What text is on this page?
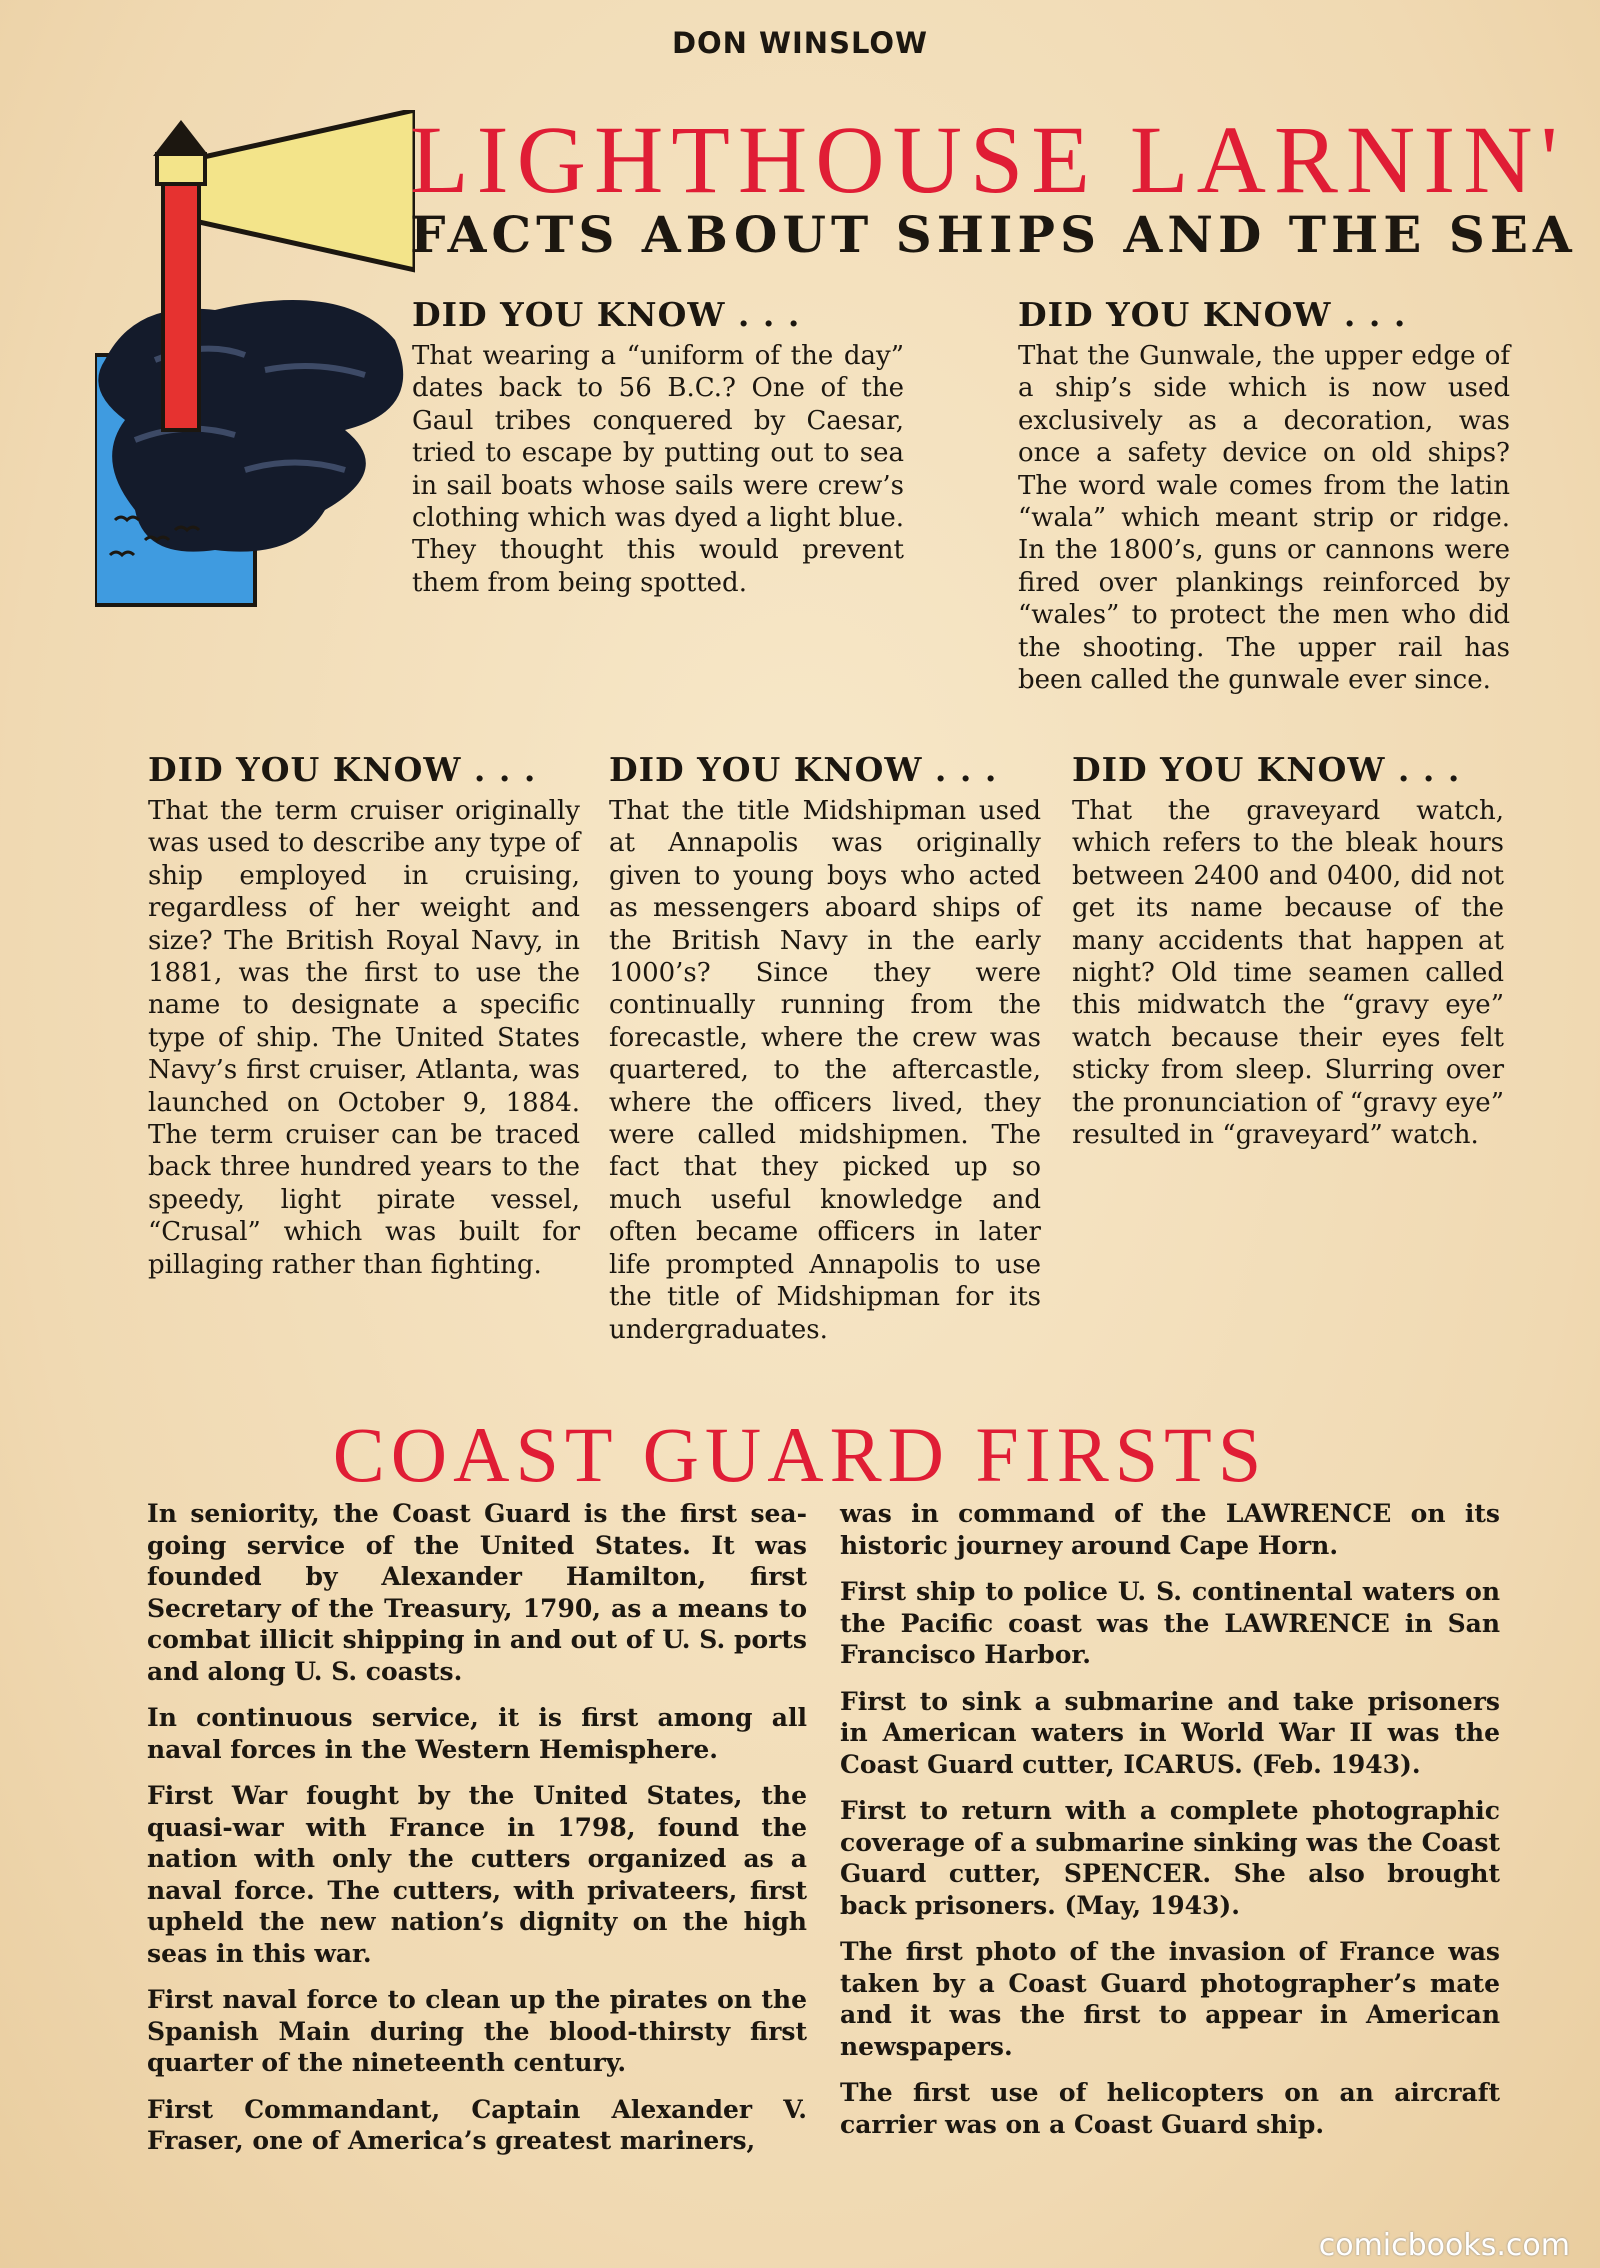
DON WINSLOW
LIGHTHOUSE LARNIN'
FACTS ABOUT SHIPS AND THE SEA
DID YOU KNOW . . .

That wearing a “uniform of the day” dates back to 56 B.C.? One of the Gaul tribes conquered by Caesar, tried to escape by putting out to sea in sail boats whose sails were crew’s clothing which was dyed a light blue. They thought this would prevent them from being spotted.

DID YOU KNOW . . .

That the Gunwale, the upper edge of a ship’s side which is now used exclusively as a decoration, was once a safety device on old ships? The word wale comes from the latin “wala” which meant strip or ridge. In the 1800’s, guns or cannons were fired over plankings reinforced by “wales” to protect the men who did the shooting. The upper rail has been called the gunwale ever since.

DID YOU KNOW . . .

That the term cruiser originally was used to describe any type of ship employed in cruising, regardless of her weight and size? The British Royal Navy, in 1881, was the first to use the name to designate a specific type of ship. The United States Navy’s first cruiser, Atlanta, was launched on October 9, 1884. The term cruiser can be traced back three hundred years to the speedy, light pirate vessel, “Crusal” which was built for pillaging rather than fighting.

DID YOU KNOW . . .

That the title Midshipman used at Annapolis was originally given to young boys who acted as messengers aboard ships of the British Navy in the early 1000’s? Since they were continually running from the forecastle, where the crew was quartered, to the aftercastle, where the officers lived, they were called midshipmen. The fact that they picked up so much useful knowledge and often became officers in later life prompted Annapolis to use the title of Midshipman for its undergraduates.

DID YOU KNOW . . .

That the graveyard watch, which refers to the bleak hours between 2400 and 0400, did not get its name because of the many accidents that happen at night? Old time seamen called this midwatch the “gravy eye” watch because their eyes felt sticky from sleep. Slurring over the pronunciation of “gravy eye” resulted in “graveyard” watch.

COAST GUARD FIRSTS

In seniority, the Coast Guard is the first sea-going service of the United States. It was founded by Alexander Hamilton, first Secretary of the Treasury, 1790, as a means to combat illicit shipping in and out of U. S. ports and along U. S. coasts.

In continuous service, it is first among all naval forces in the Western Hemisphere.

First War fought by the United States, the quasi-war with France in 1798, found the nation with only the cutters organized as a naval force. The cutters, with privateers, first upheld the new nation’s dignity on the high seas in this war.

First naval force to clean up the pirates on the Spanish Main during the blood-thirsty first quarter of the nineteenth century.

First Commandant, Captain Alexander V. Fraser, one of America’s greatest mariners,

was in command of the LAWRENCE on its historic journey around Cape Horn.

First ship to police U. S. continental waters on the Pacific coast was the LAWRENCE in San Francisco Harbor.

First to sink a submarine and take prisoners in American waters in World War II was the Coast Guard cutter, ICARUS. (Feb. 1943).

First to return with a complete photographic coverage of a submarine sinking was the Coast Guard cutter, SPENCER. She also brought back prisoners. (May, 1943).

The first photo of the invasion of France was taken by a Coast Guard photographer’s mate and it was the first to appear in American newspapers.

The first use of helicopters on an aircraft carrier was on a Coast Guard ship.

comicbooks.com
